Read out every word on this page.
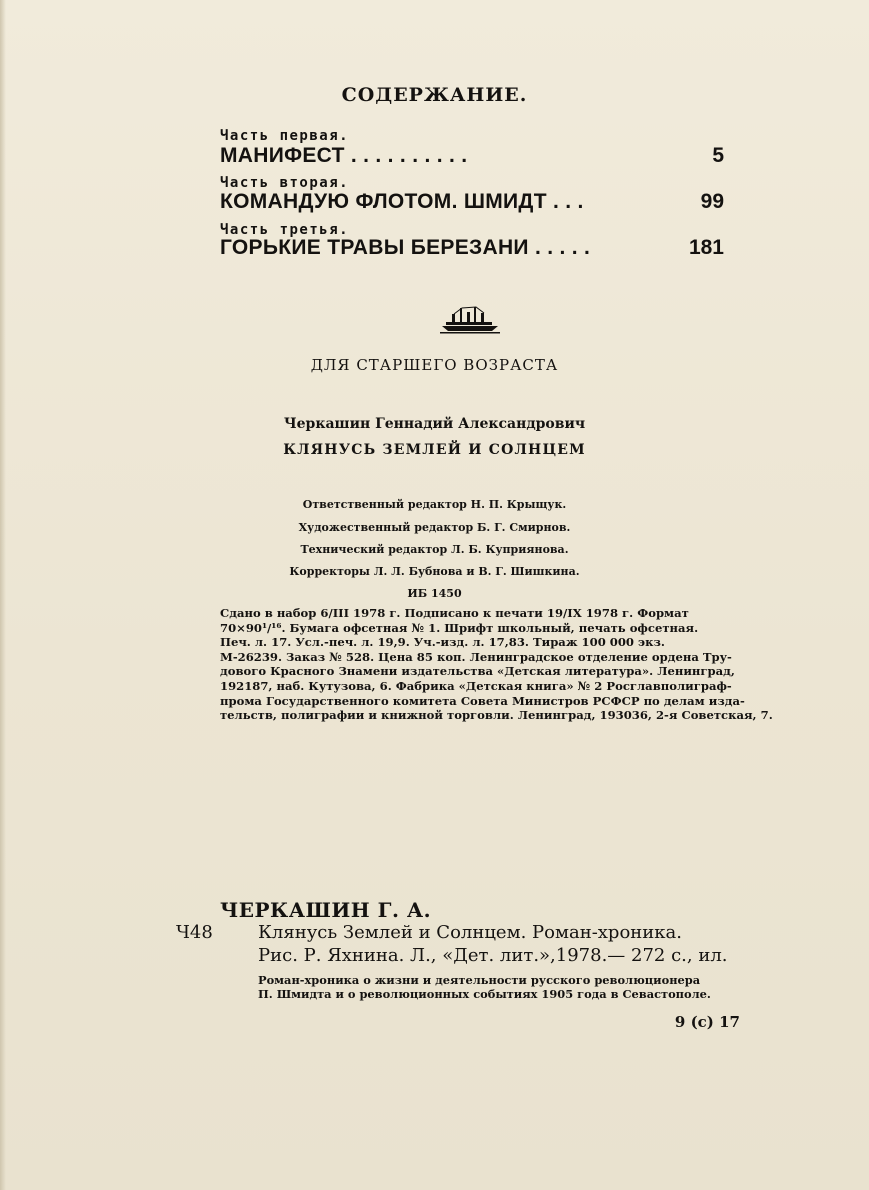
СОДЕРЖАНИЕ.
Часть первая.
МАНИФЕСТ . . . . . . . . . .	5
Часть вторая.
КОМАНДУЮ ФЛОТОМ. ШМИДТ . . .	99
Часть третья.
ГОРЬКИЕ ТРАВЫ БЕРЕЗАНИ . . . . .	181
ДЛЯ СТАРШЕГО ВОЗРАСТА
Черкашин Геннадий Александрович
КЛЯНУСЬ ЗЕМЛЕЙ И СОЛНЦЕМ
Ответственный редактор Н. П. Крыщук.
Художественный редактор Б. Г. Смирнов.
Технический редактор Л. Б. Куприянова.
Корректоры Л. Л. Бубнова и В. Г. Шишкина.
ИБ 1450
Сдано в набор 6/III 1978 г. Подписано к печати 19/IX 1978 г. Формат
70×90¹/¹⁶. Бумага офсетная № 1. Шрифт школьный, печать офсетная.
Печ. л. 17. Усл.-печ. л. 19,9. Уч.-изд. л. 17,83. Тираж 100 000 экз.
М-26239. Заказ № 528. Цена 85 коп. Ленинградское отделение ордена Тру-
дового Красного Знамени издательства «Детская литература». Ленинград,
192187, наб. Кутузова, 6. Фабрика «Детская книга» № 2 Росглавполиграф-
прома Государственного комитета Совета Министров РСФСР по делам изда-
тельств, полиграфии и книжной торговли. Ленинград, 193036, 2-я Советская, 7.
ЧЕРКАШИН Г. А.
Ч48	Клянусь Землей и Солнцем. Роман-хроника.
Рис. Р. Яхнина. Л., «Дет. лит.»,1978.— 272 с., ил.
Роман-хроника о жизни и деятельности русского революционера
П. Шмидта и о революционных событиях 1905 года в Севастополе.
9 (с) 17
